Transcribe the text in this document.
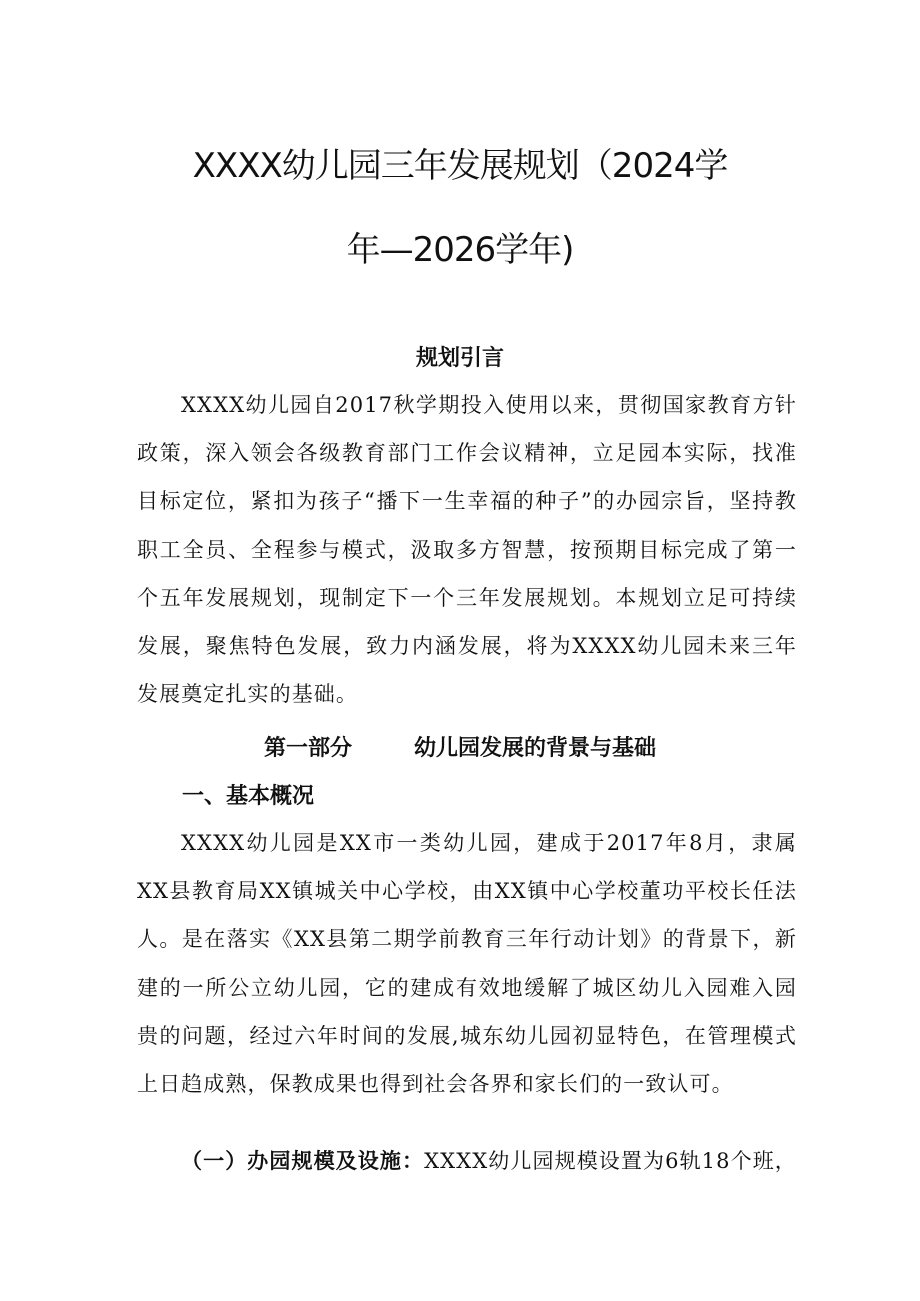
XXXX幼儿园三年发展规划（2024学
年—2026学年)
规划引言

XXXX幼儿园自2017秋学期投入使用以来，贯彻国家教育方针政策，深入领会各级教育部门工作会议精神，立足园本实际，找准目标定位，紧扣为孩子“播下一生幸福的种子”的办园宗旨，坚持教职工全员、全程参与模式，汲取多方智慧，按预期目标完成了第一个五年发展规划，现制定下一个三年发展规划。本规划立足可持续发展，聚焦特色发展，致力内涵发展，将为XXXX幼儿园未来三年发展奠定扎实的基础。

第一部分	幼儿园发展的背景与基础
一、基本概况

XXXX幼儿园是XX市一类幼儿园，建成于2017年8月，隶属XX县教育局XX镇城关中心学校，由XX镇中心学校董功平校长任法人。是在落实《XX县第二期学前教育三年行动计划》的背景下，新建的一所公立幼儿园，它的建成有效地缓解了城区幼儿入园难入园贵的问题，经过六年时间的发展,城东幼儿园初显特色，在管理模式上日趋成熟，保教成果也得到社会各界和家长们的一致认可。

（一）办园规模及设施：XXXX幼儿园规模设置为6轨18个班，
